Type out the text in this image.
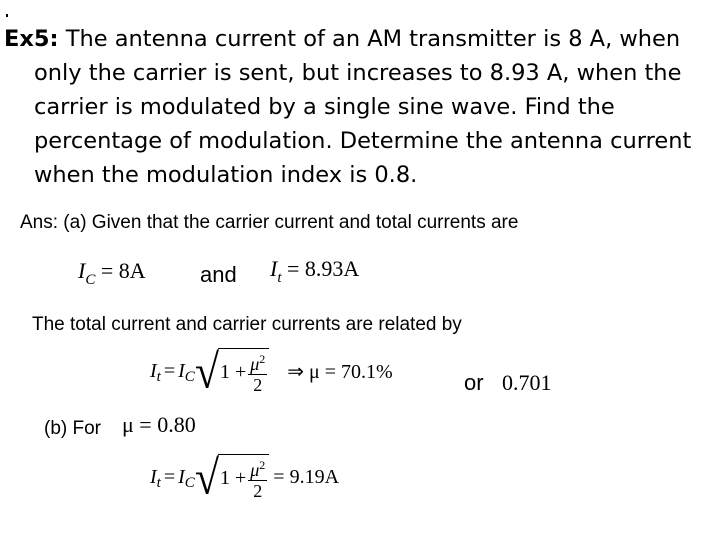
Ex5: The antenna current of an AM transmitter is 8 A, when
only the carrier is sent, but increases to 8.93 A, when the
carrier is modulated by a single sine wave. Find the
percentage of modulation. Determine the antenna current
when the modulation index is 0.8.
Ans: (a) Given that the carrier current and total currents are
$I_C = 8A$ and $I_t = 8.93A$
The total current and carrier currents are related by
I t = I C √ $1 + \frac{\mu^2}{2}$ ⇒ μ = 70.1%	or 0.701
(b) For μ = 0.80
I t = I C √ $1 + \frac{\mu^2}{2} = 9.19A$
